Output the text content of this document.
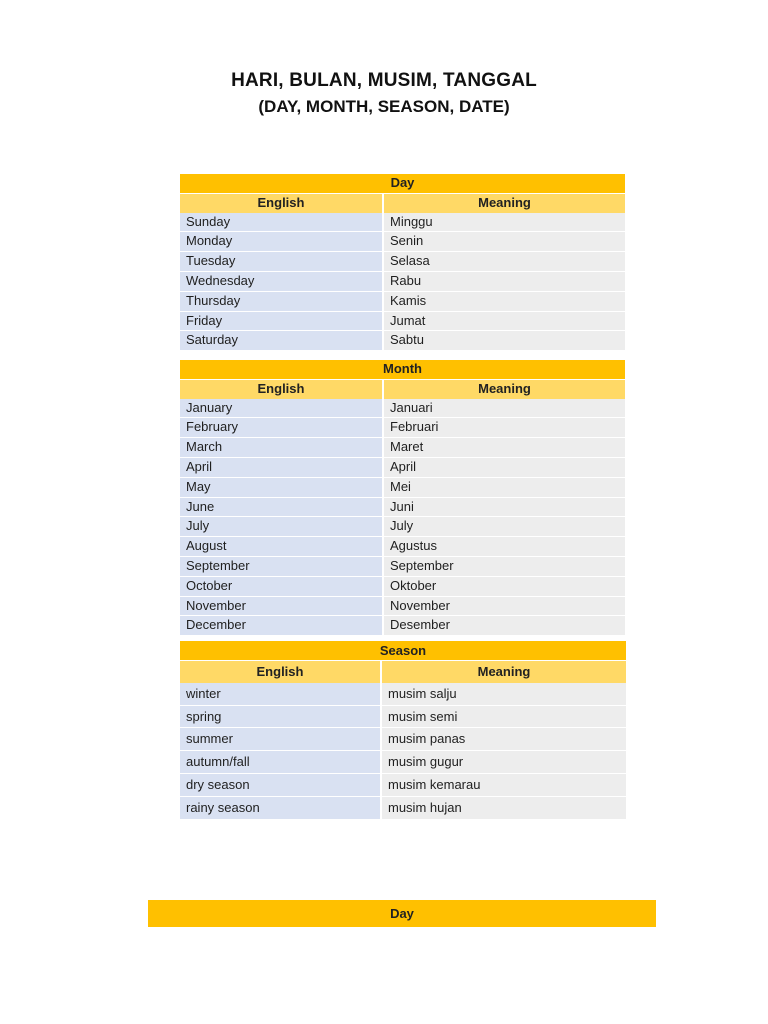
HARI, BULAN, MUSIM, TANGGAL
(DAY, MONTH, SEASON, DATE)
Day	
English	Meaning
Sunday	Minggu
Monday	Senin
Tuesday	Selasa
Wednesday	Rabu
Thursday	Kamis
Friday	Jumat
Saturday	Sabtu
Month	
English	Meaning
January	Januari
February	Februari
March	Maret
April	April
May	Mei
June	Juni
July	July
August	Agustus
September	September
October	Oktober
November	November
December	Desember
Season	
English	Meaning
winter	musim salju
spring	musim semi
summer	musim panas
autumn/fall	musim gugur
dry season	musim kemarau
rainy season	musim hujan
Day
